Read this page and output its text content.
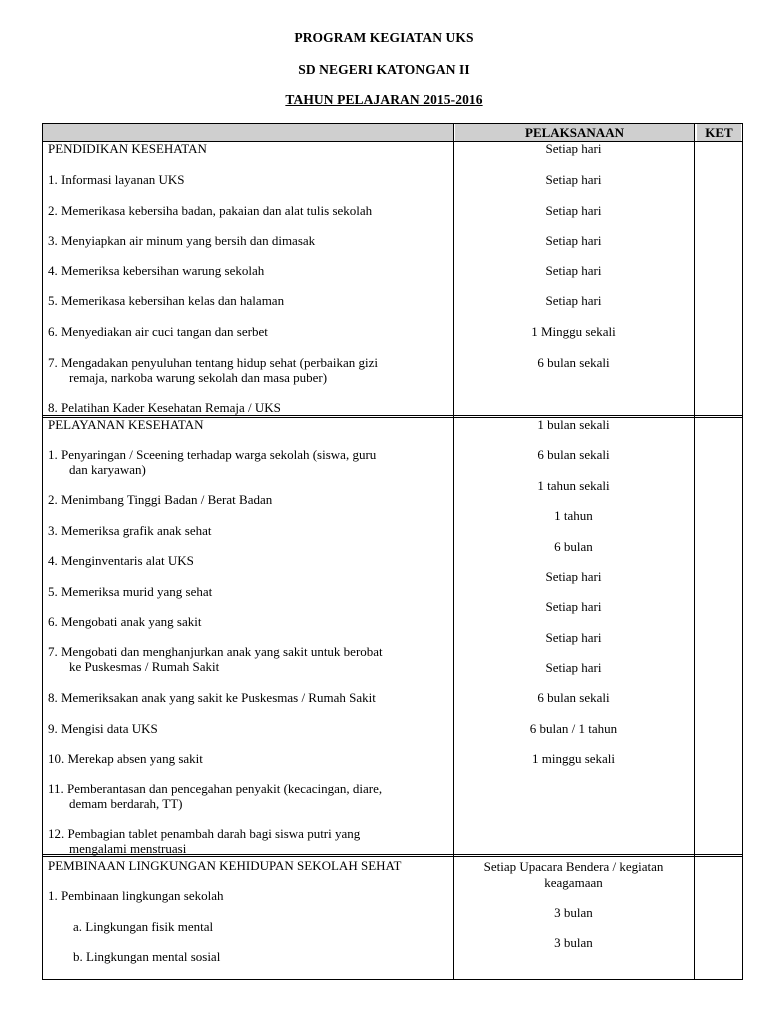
PROGRAM KEGIATAN UKS
SD NEGERI KATONGAN II
TAHUN PELAJARAN 2015-2016
PELAKSANAAN	KET
PENDIDIKAN KESEHATAN
1. Informasi layanan UKS
2. Memerikasa kebersiha badan, pakaian dan alat tulis sekolah
3. Menyiapkan air minum yang bersih dan dimasak
4. Memeriksa kebersihan warung sekolah
5. Memerikasa kebersihan kelas dan halaman
6. Menyediakan air cuci tangan dan serbet
7. Mengadakan penyuluhan tentang hidup sehat (perbaikan gizi
remaja, narkoba warung sekolah dan masa puber)
8. Pelatihan Kader Kesehatan Remaja / UKS
Setiap hari
Setiap hari
Setiap hari
Setiap hari
Setiap hari
Setiap hari
1 Minggu sekali
6 bulan sekali
PELAYANAN KESEHATAN
1. Penyaringan / Sceening terhadap warga sekolah (siswa, guru
dan karyawan)
2. Menimbang Tinggi Badan / Berat Badan
3. Memeriksa grafik anak sehat
4. Menginventaris alat UKS
5. Memeriksa murid yang sehat
6. Mengobati anak yang sakit
7. Mengobati dan menghanjurkan anak yang sakit untuk berobat
ke Puskesmas / Rumah Sakit
8. Memeriksakan anak yang sakit ke Puskesmas / Rumah Sakit
9. Mengisi data UKS
10. Merekap absen yang sakit
11. Pemberantasan dan pencegahan penyakit (kecacingan, diare,
demam berdarah, TT)
12. Pembagian tablet penambah darah bagi siswa putri yang
mengalami menstruasi
1 bulan sekali
6 bulan sekali
1 tahun sekali
1 tahun
6 bulan
Setiap hari
Setiap hari
Setiap hari
Setiap hari
6 bulan sekali
6 bulan / 1 tahun
1 minggu sekali
PEMBINAAN LINGKUNGAN KEHIDUPAN SEKOLAH SEHAT
1. Pembinaan lingkungan sekolah
a. Lingkungan fisik mental
b. Lingkungan mental sosial
Setiap Upacara Bendera / kegiatan
keagamaan
3 bulan
3 bulan
